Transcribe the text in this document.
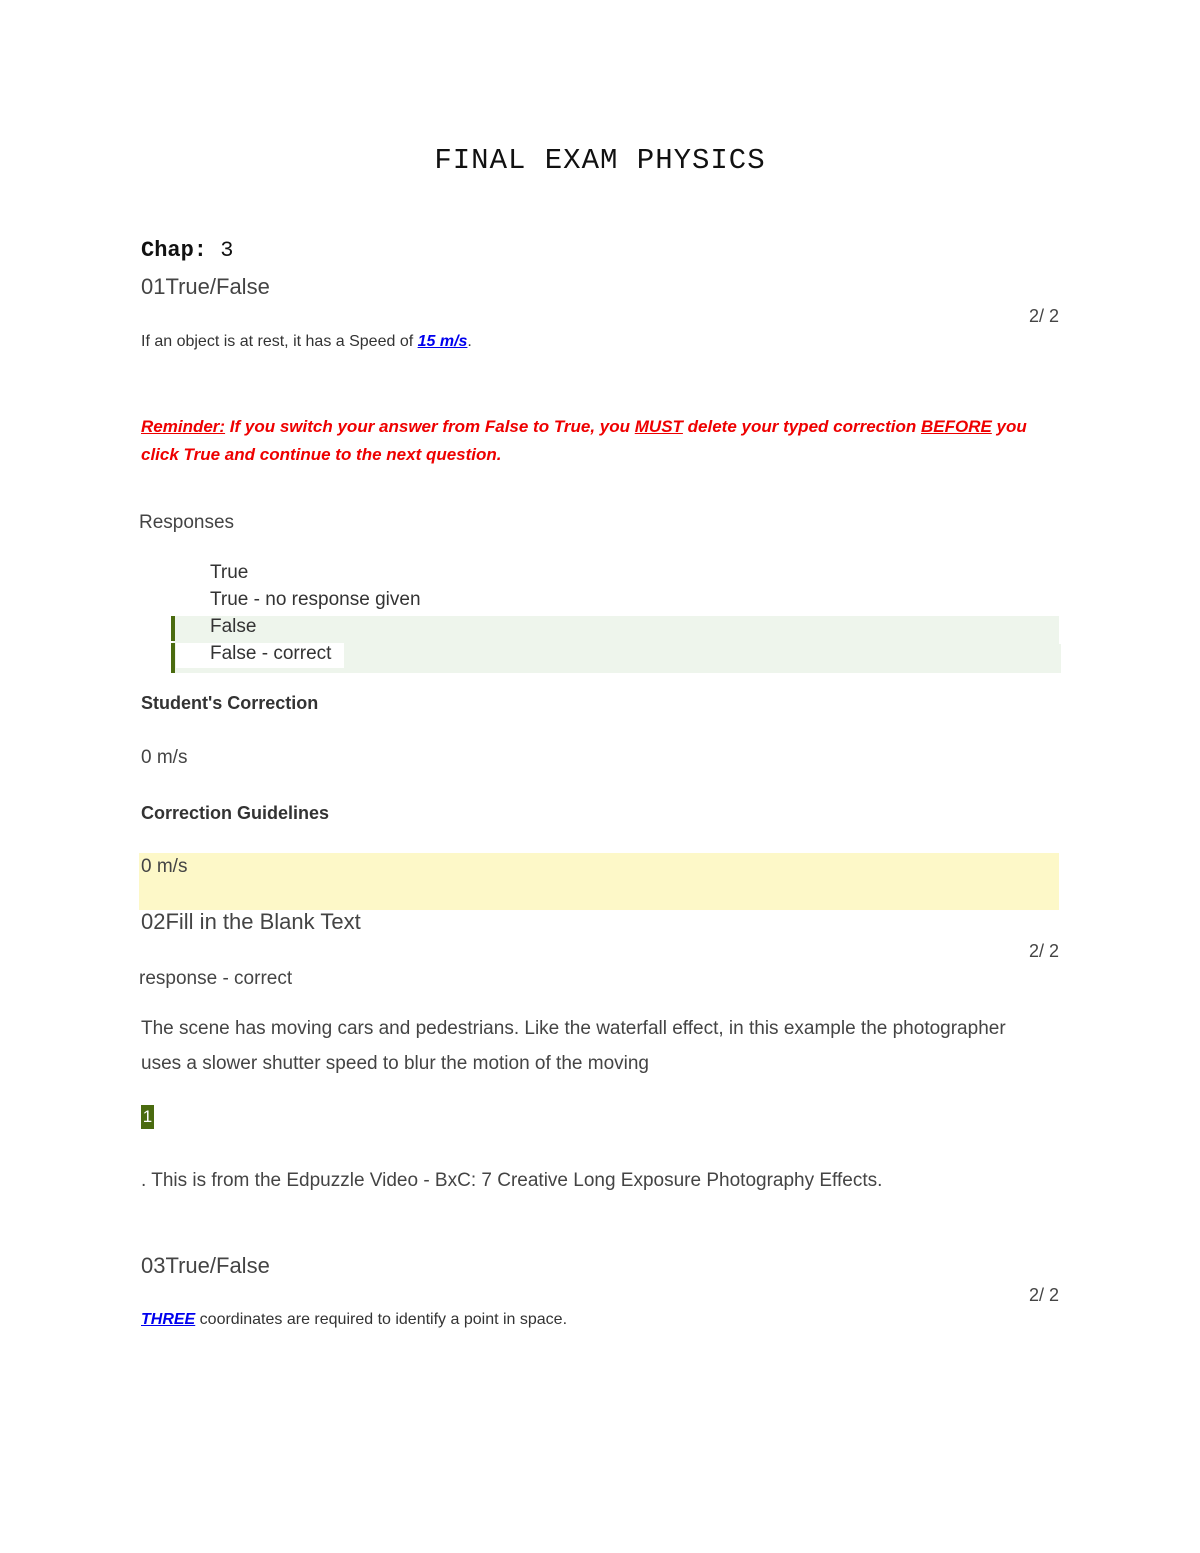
FINAL EXAM PHYSICS
Chap: 3
01True/False
2/ 2
If an object is at rest, it has a Speed of 15 m/s.
Reminder: If you switch your answer from False to True, you MUST delete your typed correction BEFORE you click True and continue to the next question.
Responses
True
True - no response given
False
False - correct
Student's Correction
0 m/s
Correction Guidelines
0 m/s
02Fill in the Blank Text
2/ 2
response - correct
The scene has moving cars and pedestrians. Like the waterfall effect, in this example the photographer uses a slower shutter speed to blur the motion of the moving
1
. This is from the Edpuzzle Video - BxC: 7 Creative Long Exposure Photography Effects.
03True/False
2/ 2
THREE coordinates are required to identify a point in space.
